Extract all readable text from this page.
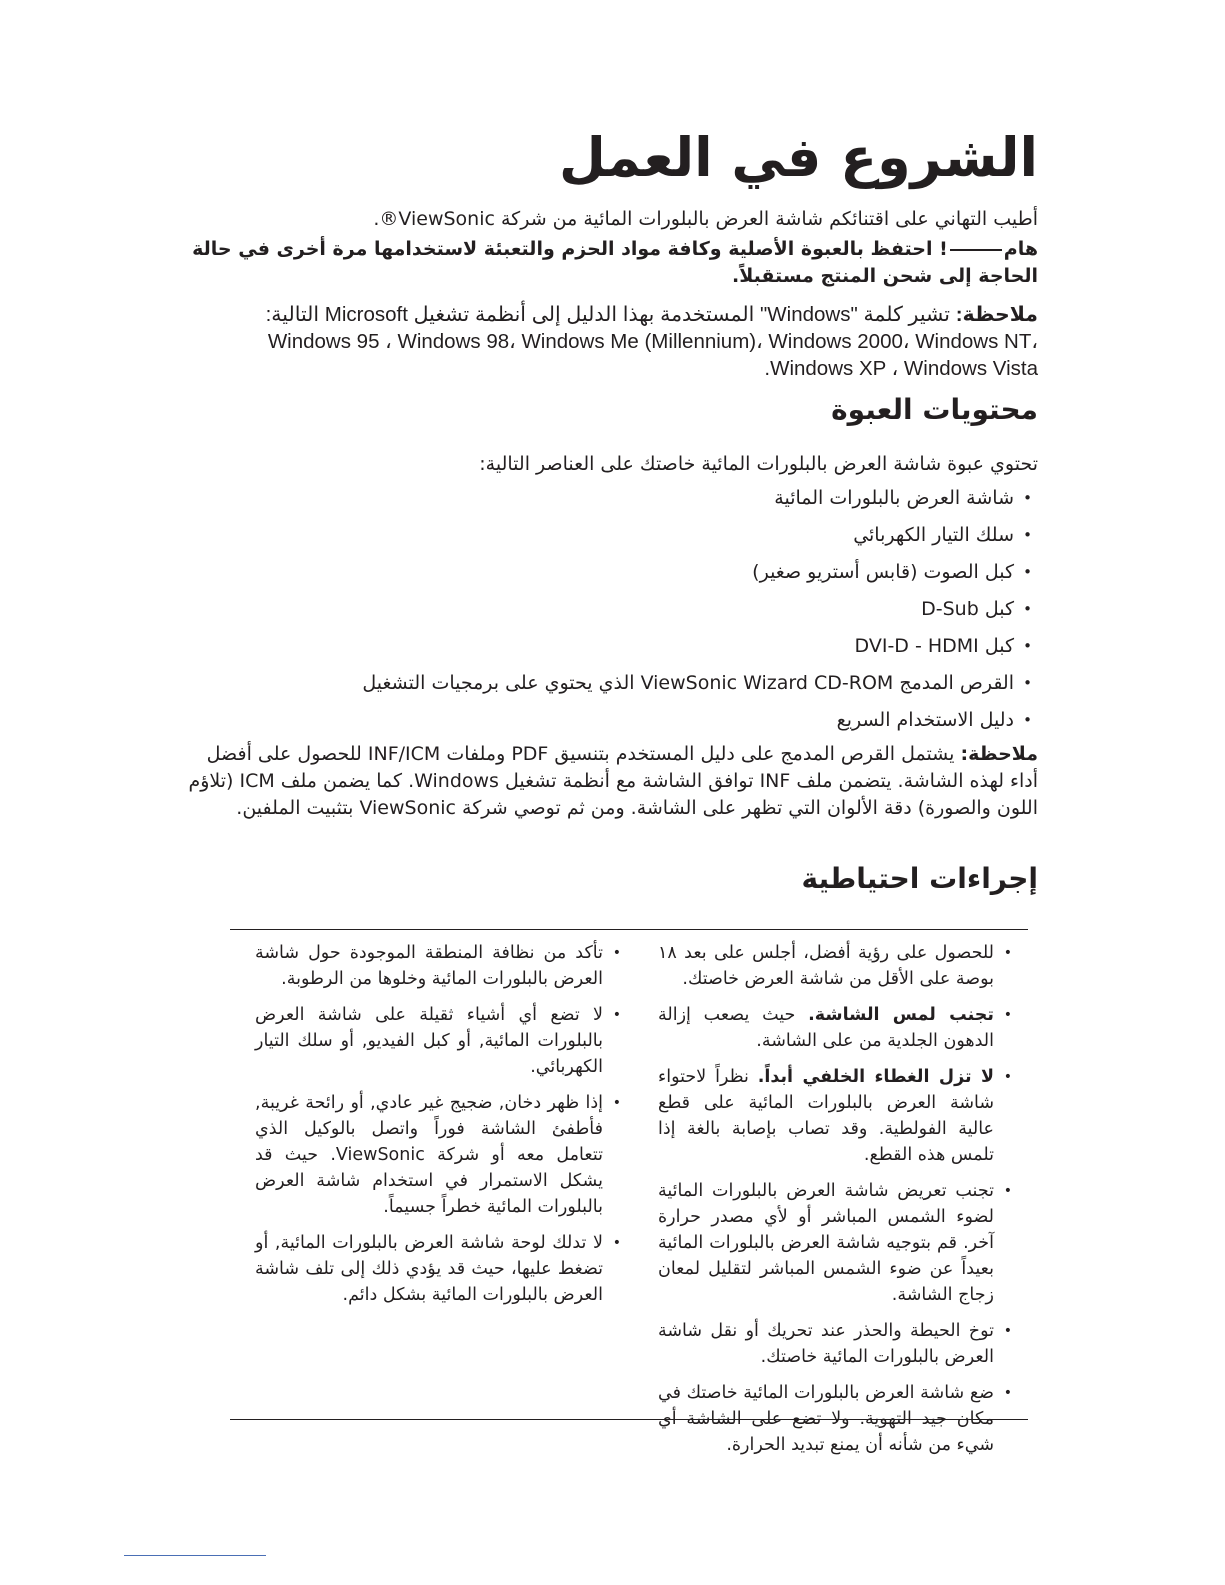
الشروع في العمل
أطيب التهاني على اقتنائكم شاشة العرض بالبلورات المائية من شركة ViewSonic®.
هام! احتفظ بالعبوة الأصلية وكافة مواد الحزم والتعبئة لاستخدامها مرة أخرى في حالة الحاجة إلى شحن المنتج مستقبلاً.
ملاحظة: تشير كلمة "Windows" المستخدمة بهذا الدليل إلى أنظمة تشغيل Microsoft التالية: Windows 95 ، Windows 98، Windows Me (Millennium)، Windows 2000، Windows NT، Windows XP ، Windows Vista.
محتويات العبوة
تحتوي عبوة شاشة العرض بالبلورات المائية خاصتك على العناصر التالية:
• شاشة العرض بالبلورات المائية
• سلك التيار الكهربائي
• كبل الصوت (قابس أستريو صغير)
• كبل D-Sub
• كبل DVI-D - HDMI
• القرص المدمج ViewSonic Wizard CD-ROM الذي يحتوي على برمجيات التشغيل
• دليل الاستخدام السريع
ملاحظة: يشتمل القرص المدمج على دليل المستخدم بتنسيق PDF وملفات INF/ICM للحصول على أفضل أداء لهذه الشاشة. يتضمن ملف INF توافق الشاشة مع أنظمة تشغيل Windows. كما يضمن ملف ICM (تلاؤم اللون والصورة) دقة الألوان التي تظهر على الشاشة. ومن ثم توصي شركة ViewSonic بتثبيت الملفين.
إجراءات احتياطية
• للحصول على رؤية أفضل، أجلس على بعد ١٨ بوصة على الأقل من شاشة العرض خاصتك.
• تجنب لمس الشاشة. حيث يصعب إزالة الدهون الجلدية من على الشاشة.
• لا تزل الغطاء الخلفي أبداً. نظراً لاحتواء شاشة العرض بالبلورات المائية على قطع عالية الفولطية. وقد تصاب بإصابة بالغة إذا تلمس هذه القطع.
• تجنب تعريض شاشة العرض بالبلورات المائية لضوء الشمس المباشر أو لأي مصدر حرارة آخر. قم بتوجيه شاشة العرض بالبلورات المائية بعيداً عن ضوء الشمس المباشر لتقليل لمعان زجاج الشاشة.
• توخ الحيطة والحذر عند تحريك أو نقل شاشة العرض بالبلورات المائية خاصتك.
• ضع شاشة العرض بالبلورات المائية خاصتك في مكان جيد التهوية. ولا تضع على الشاشة أي شيء من شأنه أن يمنع تبديد الحرارة.
• تأكد من نظافة المنطقة الموجودة حول شاشة العرض بالبلورات المائية وخلوها من الرطوبة.
• لا تضع أي أشياء ثقيلة على شاشة العرض بالبلورات المائية, أو كبل الفيديو, أو سلك التيار الكهربائي.
• إذا ظهر دخان, ضجيج غير عادي, أو رائحة غريبة, فأطفئ الشاشة فوراً واتصل بالوكيل الذي تتعامل معه أو شركة ViewSonic. حيث قد يشكل الاستمرار في استخدام شاشة العرض بالبلورات المائية خطراً جسيماً.
• لا تدلك لوحة شاشة العرض بالبلورات المائية, أو تضغط عليها، حيث قد يؤدي ذلك إلى تلف شاشة العرض بالبلورات المائية بشكل دائم.
